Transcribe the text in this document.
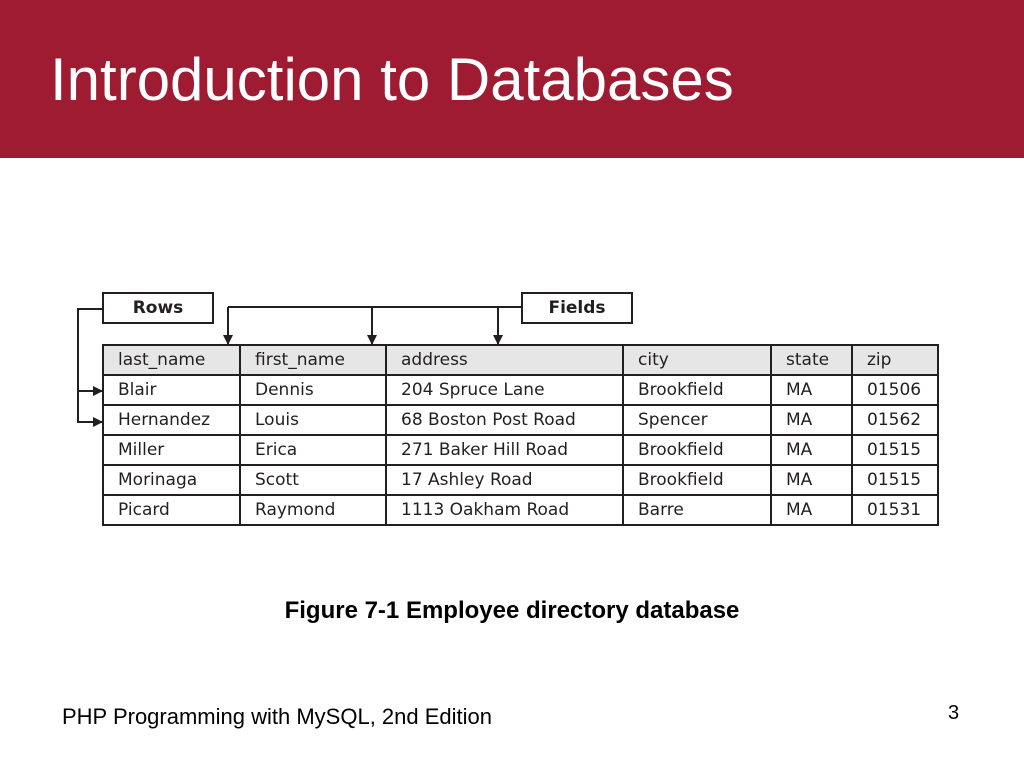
Introduction to Databases
Rows	Fields
last_name	first_name	address	city	state	zip
Blair	Dennis	204 Spruce Lane	Brookfield	MA	01506
Hernandez	Louis	68 Boston Post Road	Spencer	MA	01562
Miller	Erica	271 Baker Hill Road	Brookfield	MA	01515
Morinaga	Scott	17 Ashley Road	Brookfield	MA	01515
Picard	Raymond	1113 Oakham Road	Barre	MA	01531

Figure 7-1 Employee directory database

PHP Programming with MySQL, 2nd Edition	3
